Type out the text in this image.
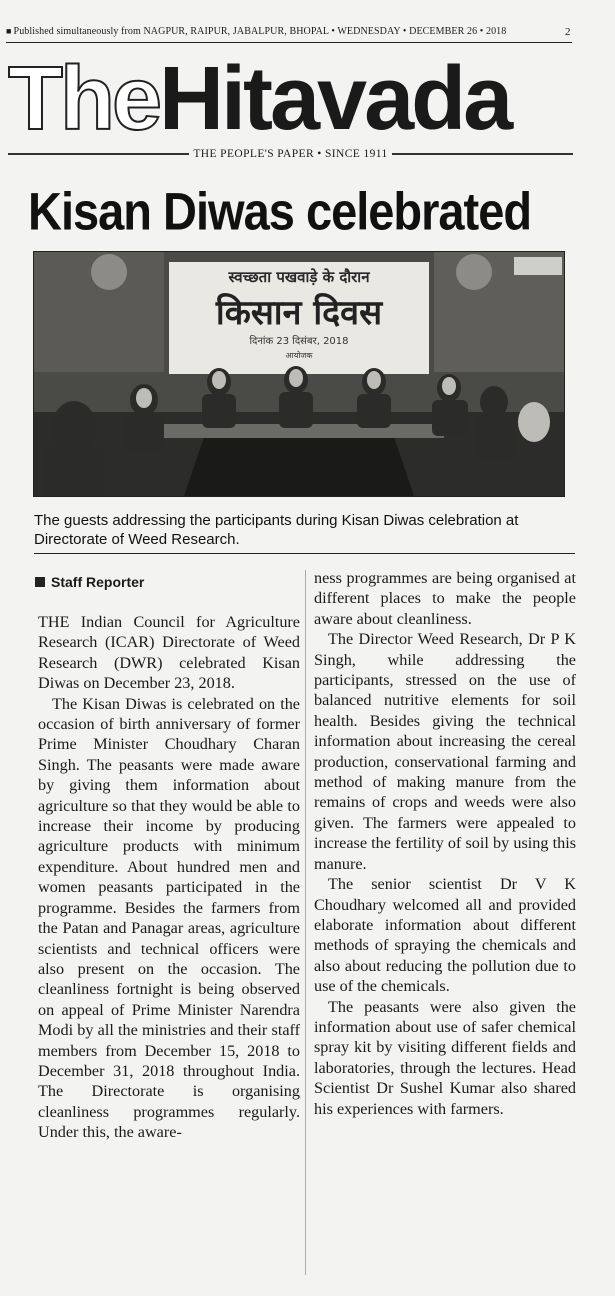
■ Published simultaneously from NAGPUR, RAIPUR, JABALPUR, BHOPAL • WEDNESDAY • DECEMBER 26 • 2018	2
The Hitavada
THE PEOPLE'S PAPER • SINCE 1911
Kisan Diwas celebrated
स्वच्छता पखवाड़े के दौरान
किसान दिवस
दिनांक 23 दिसंबर, 2018
आयोजक
The guests addressing the participants during Kisan Diwas celebration at Directorate of Weed Research.
Staff Reporter

THE Indian Council for Agriculture Research (ICAR) Directorate of Weed Research (DWR) celebrated Kisan Diwas on December 23, 2018.

The Kisan Diwas is celebrated on the occasion of birth anniversary of former Prime Minister Choudhary Charan Singh. The peasants were made aware by giving them information about agriculture so that they would be able to increase their income by producing agriculture products with minimum expenditure. About hundred men and women peasants participated in the programme. Besides the farmers from the Patan and Panagar areas, agriculture scientists and technical officers were also present on the occasion. The cleanliness fortnight is being observed on appeal of Prime Minister Narendra Modi by all the ministries and their staff members from December 15, 2018 to December 31, 2018 throughout India. The Directorate is organising cleanliness programmes regularly. Under this, the aware-

ness programmes are being organised at different places to make the people aware about cleanliness.

The Director Weed Research, Dr P K Singh, while addressing the participants, stressed on the use of balanced nutritive elements for soil health. Besides giving the technical information about increasing the cereal production, conservational farming and method of making manure from the remains of crops and weeds were also given. The farmers were appealed to increase the fertility of soil by using this manure.

The senior scientist Dr V K Choudhary welcomed all and provided elaborate information about different methods of spraying the chemicals and also about reducing the pollution due to use of the chemicals.

The peasants were also given the information about use of safer chemical spray kit by visiting different fields and laboratories, through the lectures. Head Scientist Dr Sushel Kumar also shared his experiences with farmers.
